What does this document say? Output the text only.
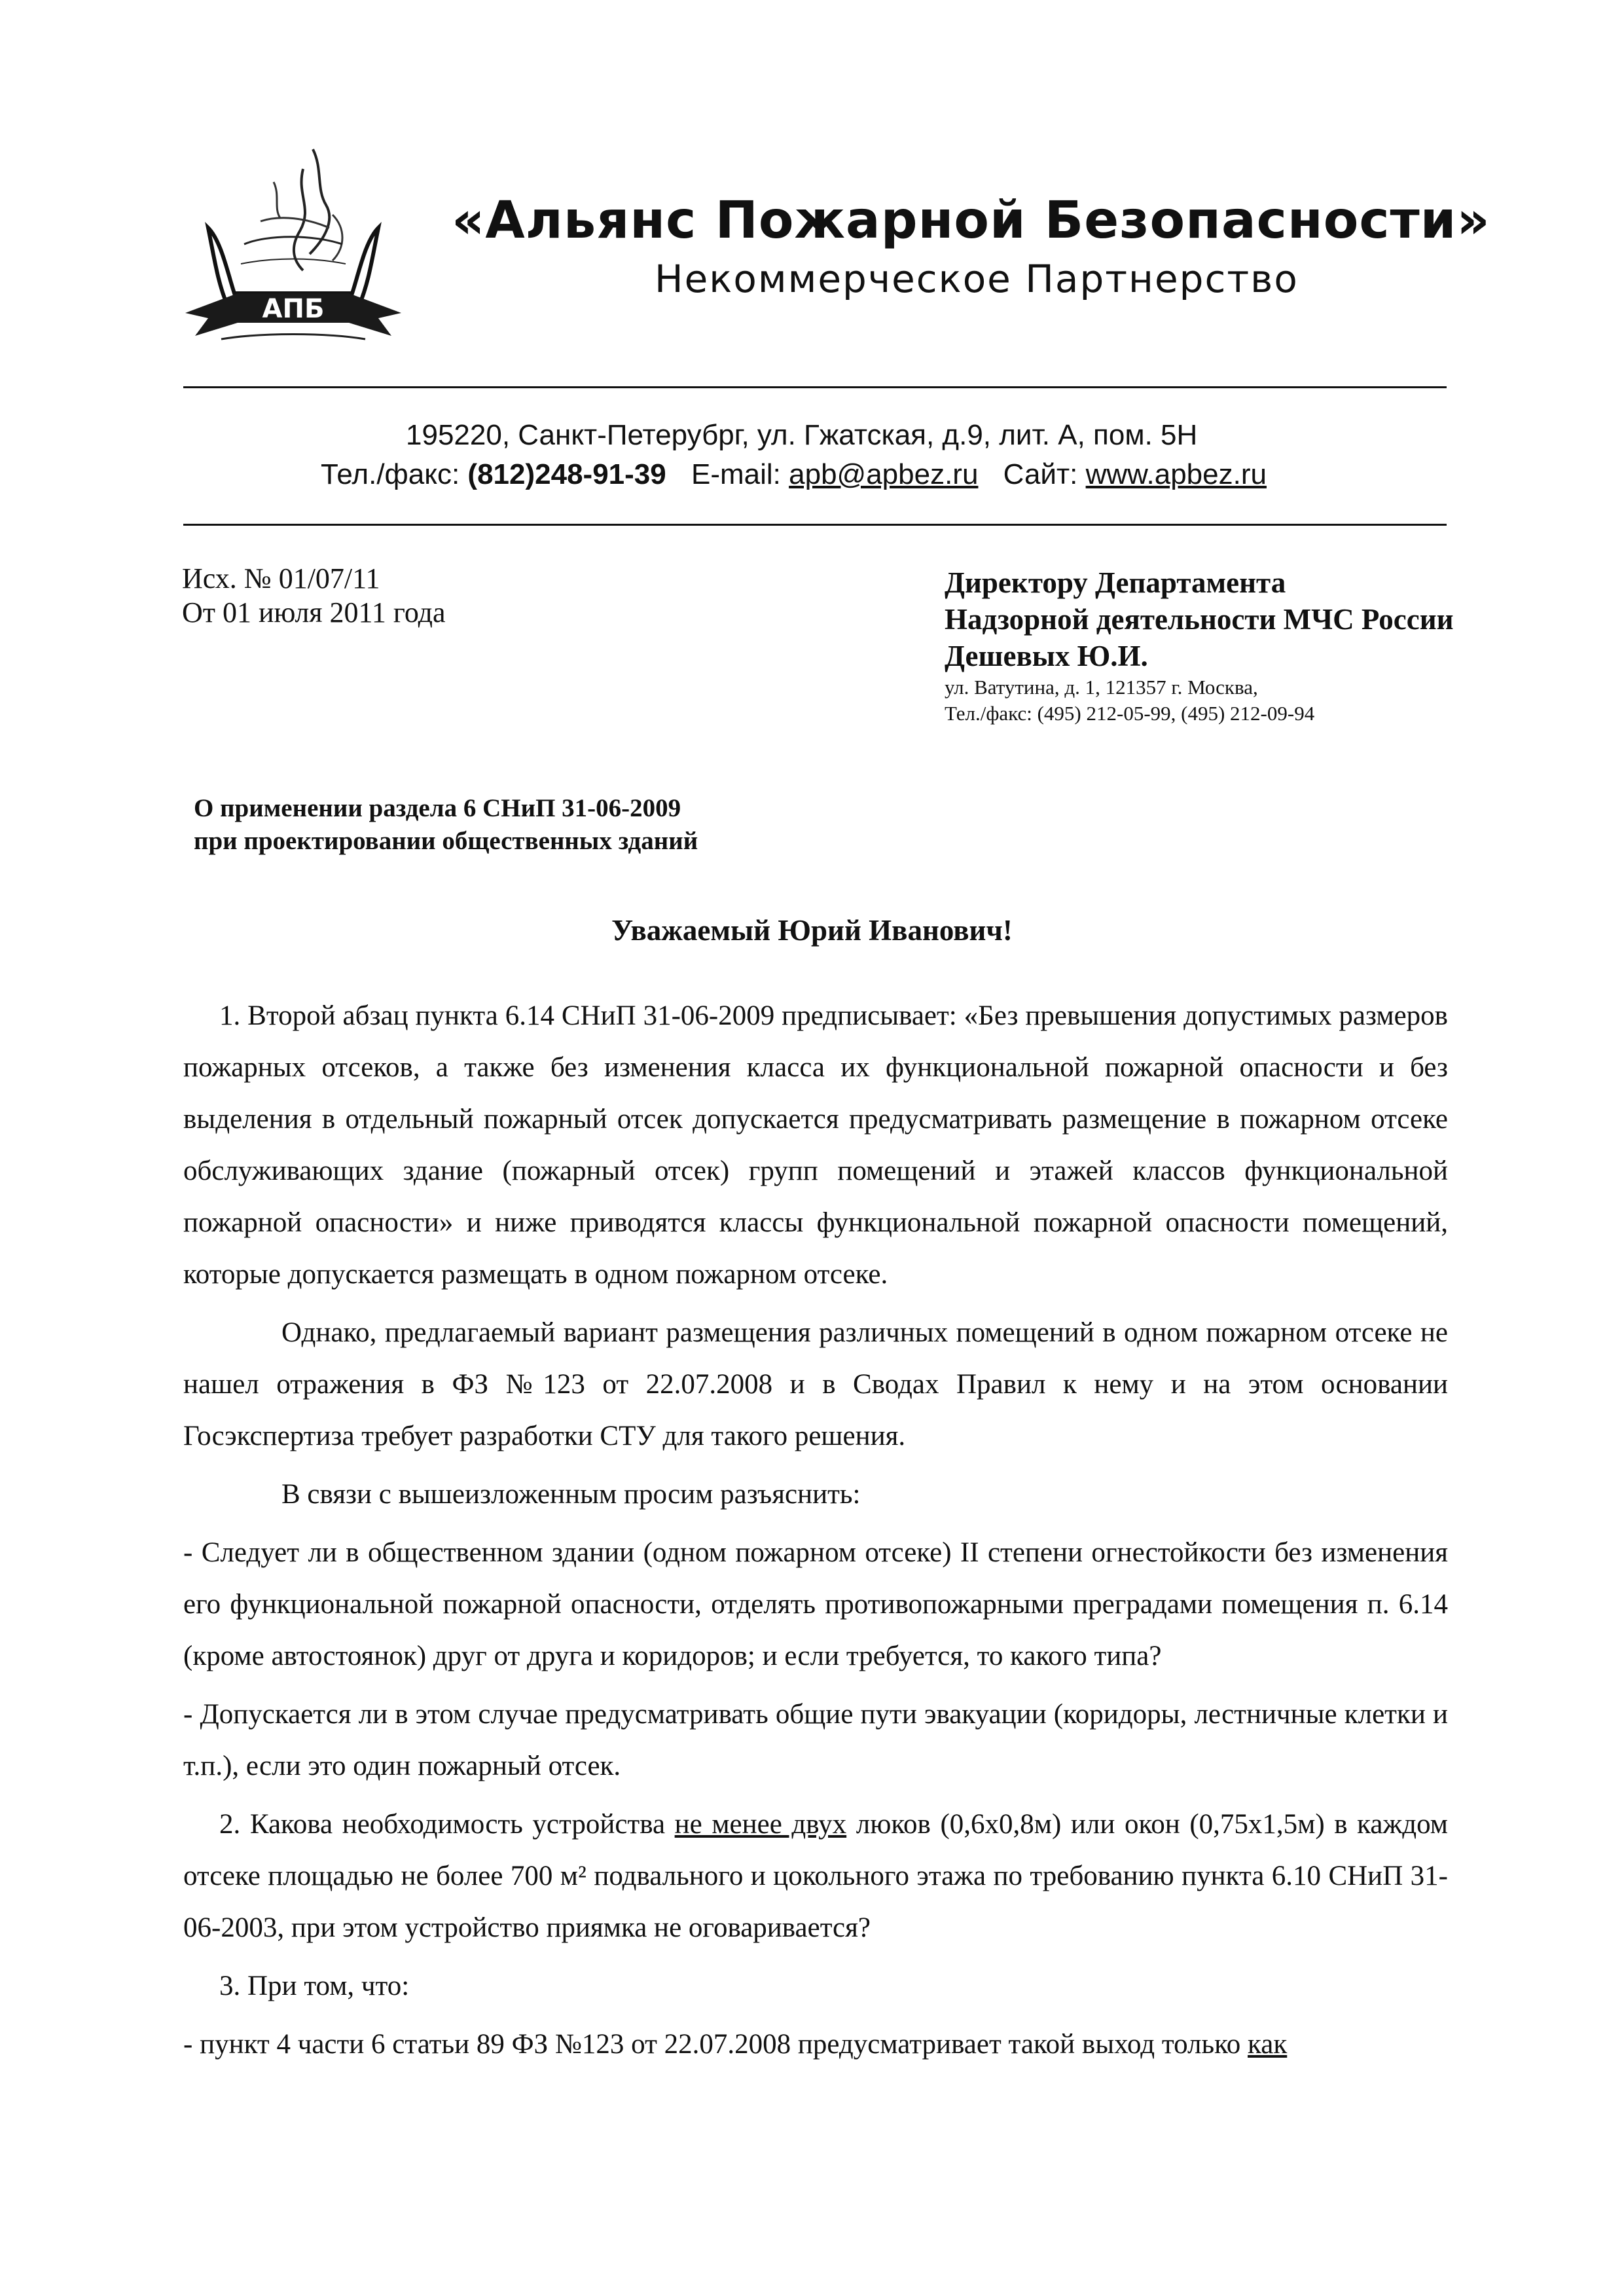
АПБ
«Альянс Пожарной Безопасности»
Некоммерческое Партнерство
195220, Санкт-Петерубрг, ул. Гжатская, д.9, лит. А, пом. 5Н
Тел./факс: (812)248-91-39 E-mail: apb@apbez.ru Сайт: www.apbez.ru
Исх. № 01/07/11
От 01 июля 2011 года
Директору Департамента
Надзорной деятельности МЧС России
Дешевых Ю.И.
ул. Ватутина, д. 1, 121357 г. Москва,
Тел./факс: (495) 212-05-99, (495) 212-09-94
О применении раздела 6 СНиП 31-06-2009
при проектировании общественных зданий
Уважаемый Юрий Иванович!

1. Второй абзац пункта 6.14 СНиП 31-06-2009 предписывает: «Без превышения допустимых размеров пожарных отсеков, а также без изменения класса их функциональной пожарной опасности и без выделения в отдельный пожарный отсек допускается предусматривать размещение в пожарном отсеке обслуживающих здание (пожарный отсек) групп помещений и этажей классов функциональной пожарной опасности» и ниже приводятся классы функциональной пожарной опасности помещений, которые допускается размещать в одном пожарном отсеке.

Однако, предлагаемый вариант размещения различных помещений в одном пожарном отсеке не нашел отражения в ФЗ №123 от 22.07.2008 и в Сводах Правил к нему и на этом основании Госэкспертиза требует разработки СТУ для такого решения.

В связи с вышеизложенным просим разъяснить:

- Следует ли в общественном здании (одном пожарном отсеке) II степени огнестойкости без изменения его функциональной пожарной опасности, отделять противопожарными преградами помещения п. 6.14 (кроме автостоянок) друг от друга и коридоров; и если требуется, то какого типа?

- Допускается ли в этом случае предусматривать общие пути эвакуации (коридоры, лестничные клетки и т.п.), если это один пожарный отсек.

2. Какова необходимость устройства не менее двух люков (0,6х0,8м) или окон (0,75х1,5м) в каждом отсеке площадью не более 700 м² подвального и цокольного этажа по требованию пункта 6.10 СНиП 31-06-2003, при этом устройство приямка не оговаривается?

3. При том, что:

- пункт 4 части 6 статьи 89 ФЗ №123 от 22.07.2008 предусматривает такой выход только как
